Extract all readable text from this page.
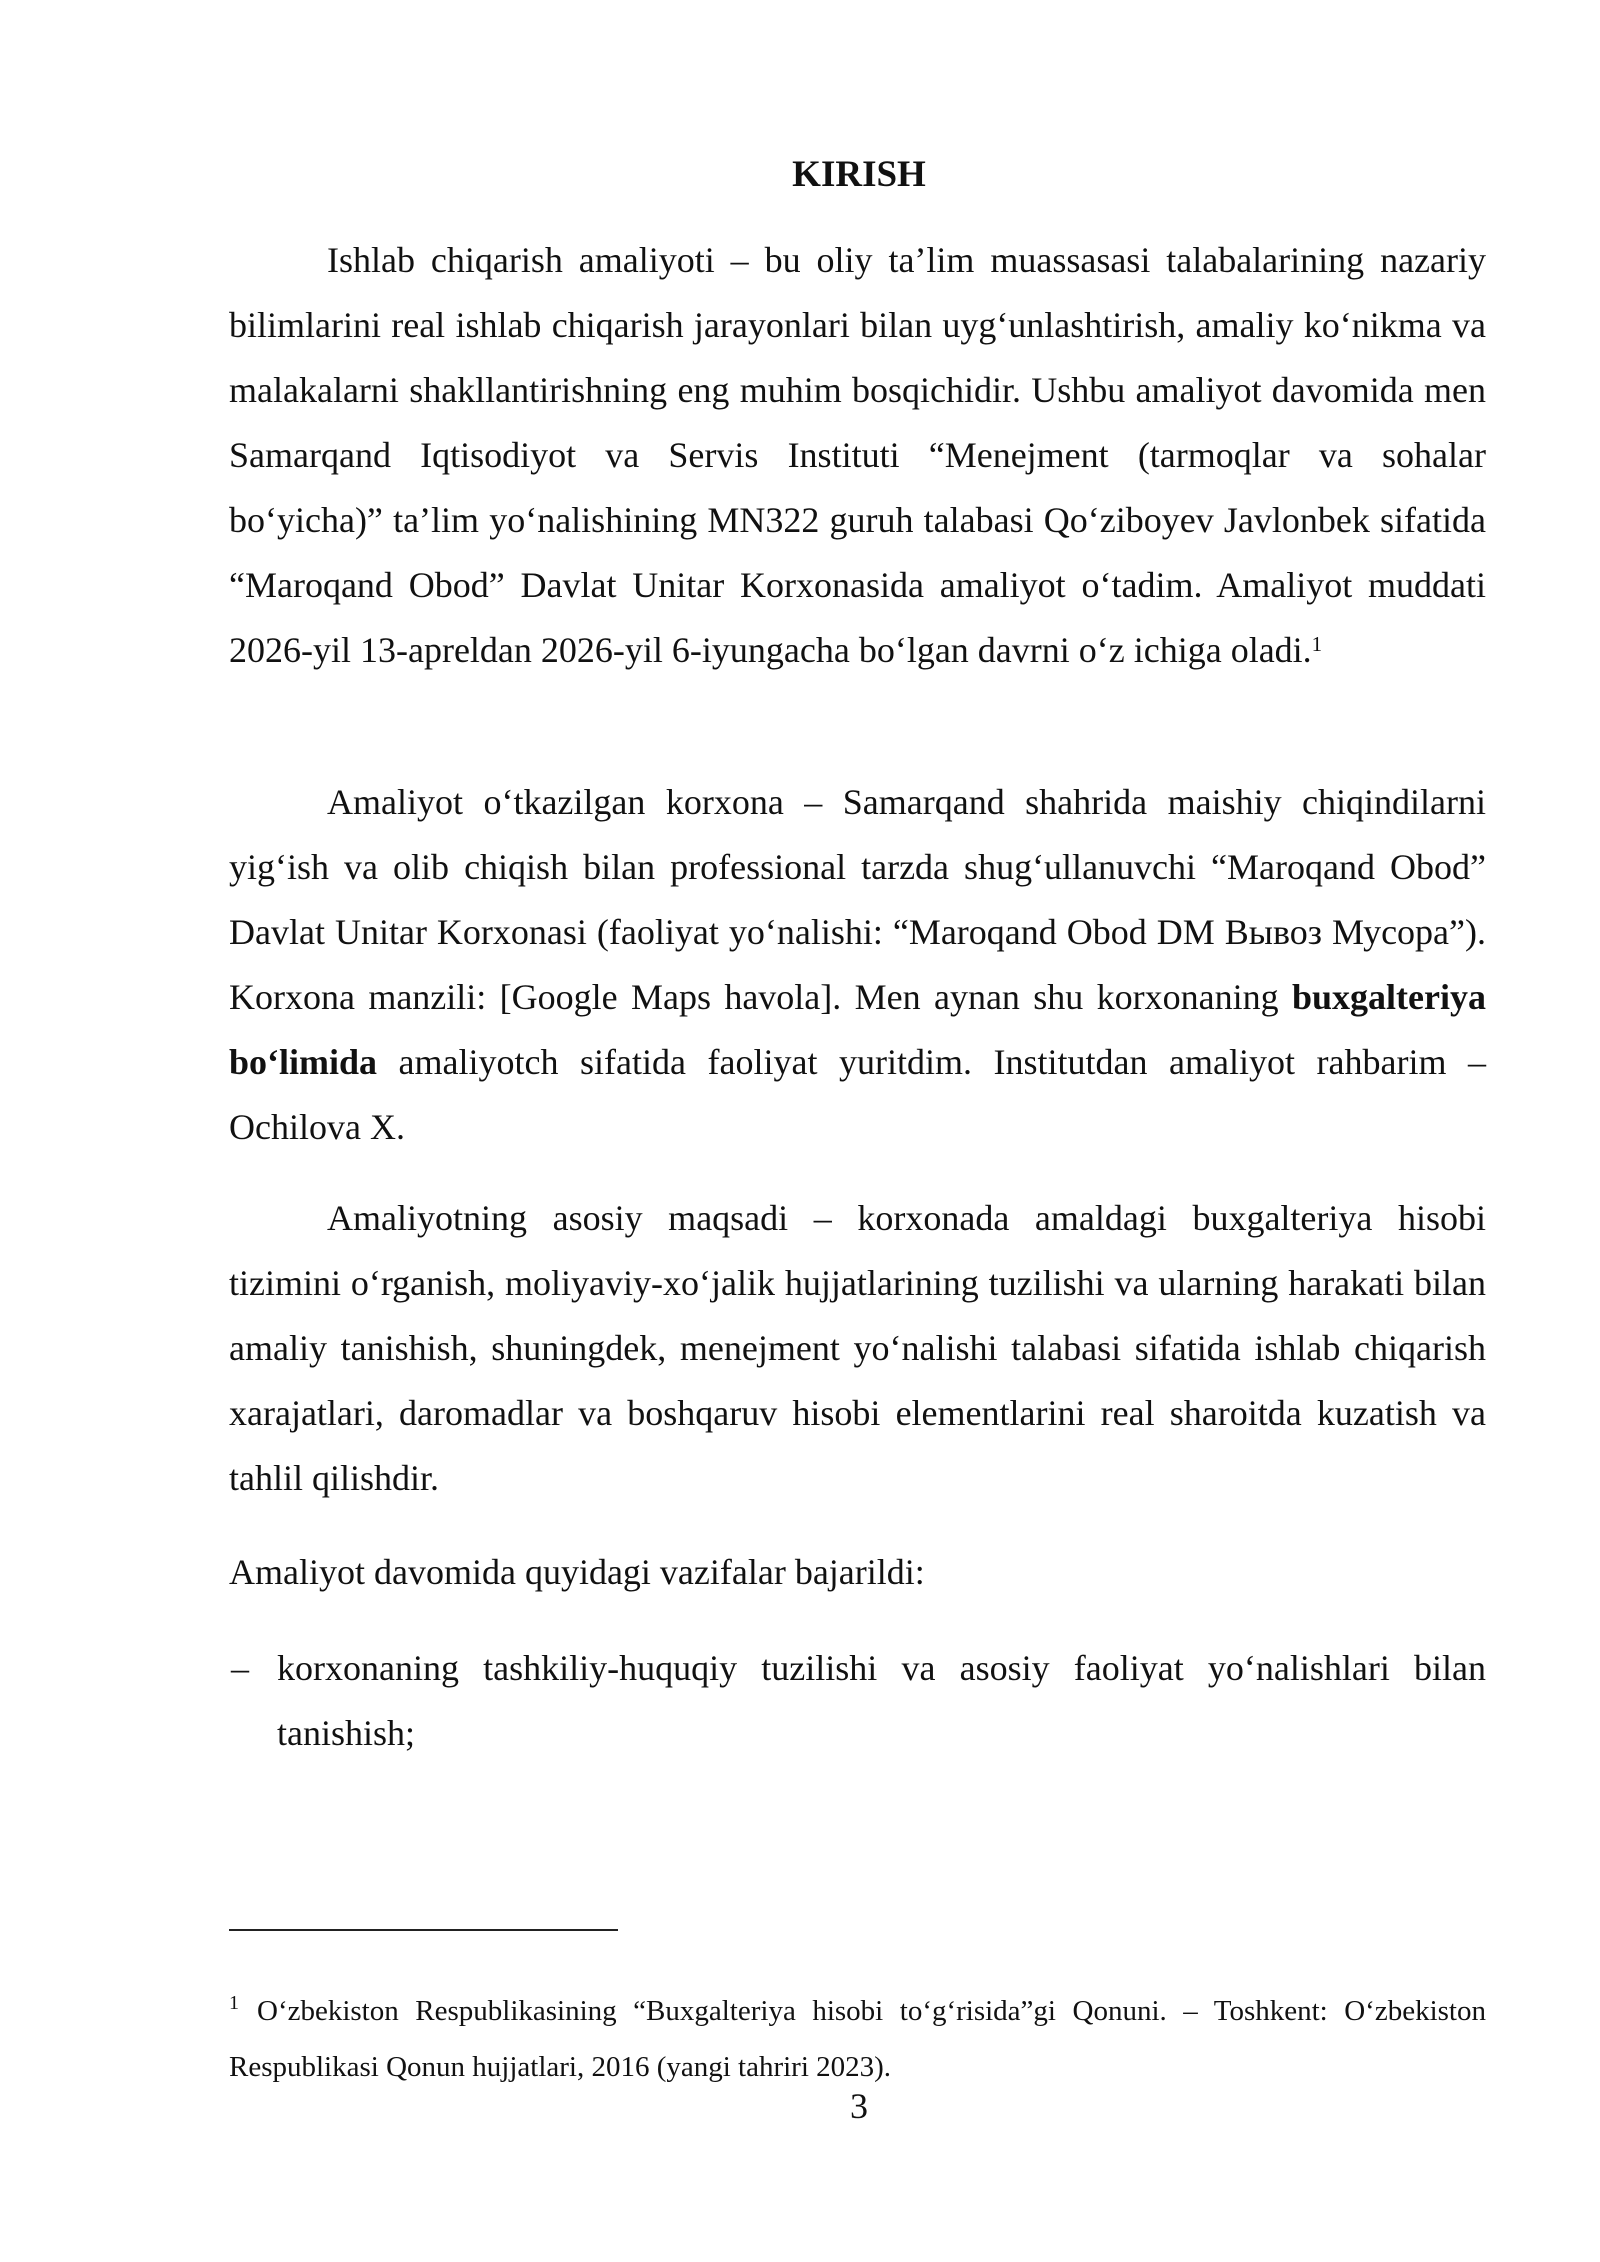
KIRISH

Ishlab chiqarish amaliyoti – bu oliy ta’lim muassasasi talabalarining nazariy bilimlarini real ishlab chiqarish jarayonlari bilan uyg‘unlashtirish, amaliy ko‘nikma va malakalarni shakllantirishning eng muhim bosqichidir. Ushbu amaliyot davomida men Samarqand Iqtisodiyot va Servis Instituti “Menejment (tarmoqlar va sohalar bo‘yicha)” ta’lim yo‘nalishining MN322 guruh talabasi Qo‘ziboyev Javlonbek sifatida “Maroqand Obod” Davlat Unitar Korxonasida amaliyot o‘tadim. Amaliyot muddati 2026-yil 13-apreldan 2026-yil 6-iyungacha bo‘lgan davrni o‘z ichiga oladi.$^1$

Amaliyot o‘tkazilgan korxona – Samarqand shahrida maishiy chiqindilarni yig‘ish va olib chiqish bilan professional tarzda shug‘ullanuvchi “Maroqand Obod” Davlat Unitar Korxonasi (faoliyat yo‘nalishi: “Maroqand Obod DM Вывоз Мусора”). Korxona manzili: [Google Maps havola]. Men aynan shu korxonaning buxgalteriya bo‘limida amaliyotch sifatida faoliyat yuritdim. Institutdan amaliyot rahbarim – Ochilova X.

Amaliyotning asosiy maqsadi – korxonada amaldagi buxgalteriya hisobi tizimini o‘rganish, moliyaviy-xo‘jalik hujjatlarining tuzilishi va ularning harakati bilan amaliy tanishish, shuningdek, menejment yo‘nalishi talabasi sifatida ishlab chiqarish xarajatlari, daromadlar va boshqaruv hisobi elementlarini real sharoitda kuzatish va tahlil qilishdir.

Amaliyot davomida quyidagi vazifalar bajarildi:

– korxonaning tashkiliy-huquqiy tuzilishi va asosiy faoliyat yo‘nalishlari bilan tanishish;

$^1$ O‘zbekiston Respublikasining “Buxgalteriya hisobi to‘g‘risida”gi Qonuni. – Toshkent: O‘zbekiston Respublikasi Qonun hujjatlari, 2016 (yangi tahriri 2023).

3
